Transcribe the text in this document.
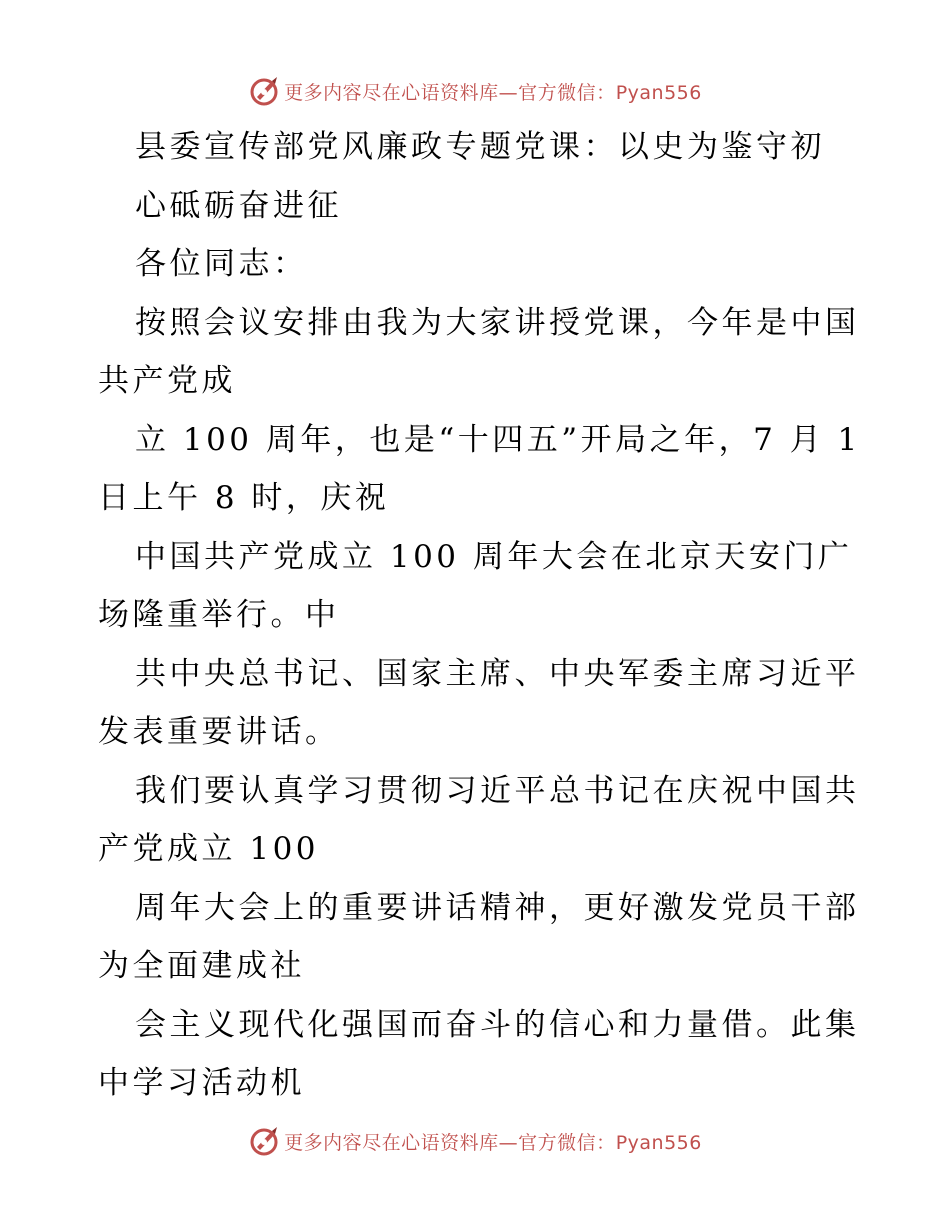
更多内容尽在心语资料库—官方微信：Pyan556
县委宣传部党风廉政专题党课：以史为鉴守初
心砥砺奋进征
各位同志：
按照会议安排由我为大家讲授党课，今年是中国
共产党成
立 100 周年，也是“十四五”开局之年，7 月 1
日上午 8 时，庆祝
中国共产党成立 100 周年大会在北京天安门广
场隆重举行。中
共中央总书记、国家主席、中央军委主席习近平
发表重要讲话。
我们要认真学习贯彻习近平总书记在庆祝中国共
产党成立 100
周年大会上的重要讲话精神，更好激发党员干部
为全面建成社
会主义现代化强国而奋斗的信心和力量借。此集
中学习活动机
更多内容尽在心语资料库—官方微信：Pyan556
